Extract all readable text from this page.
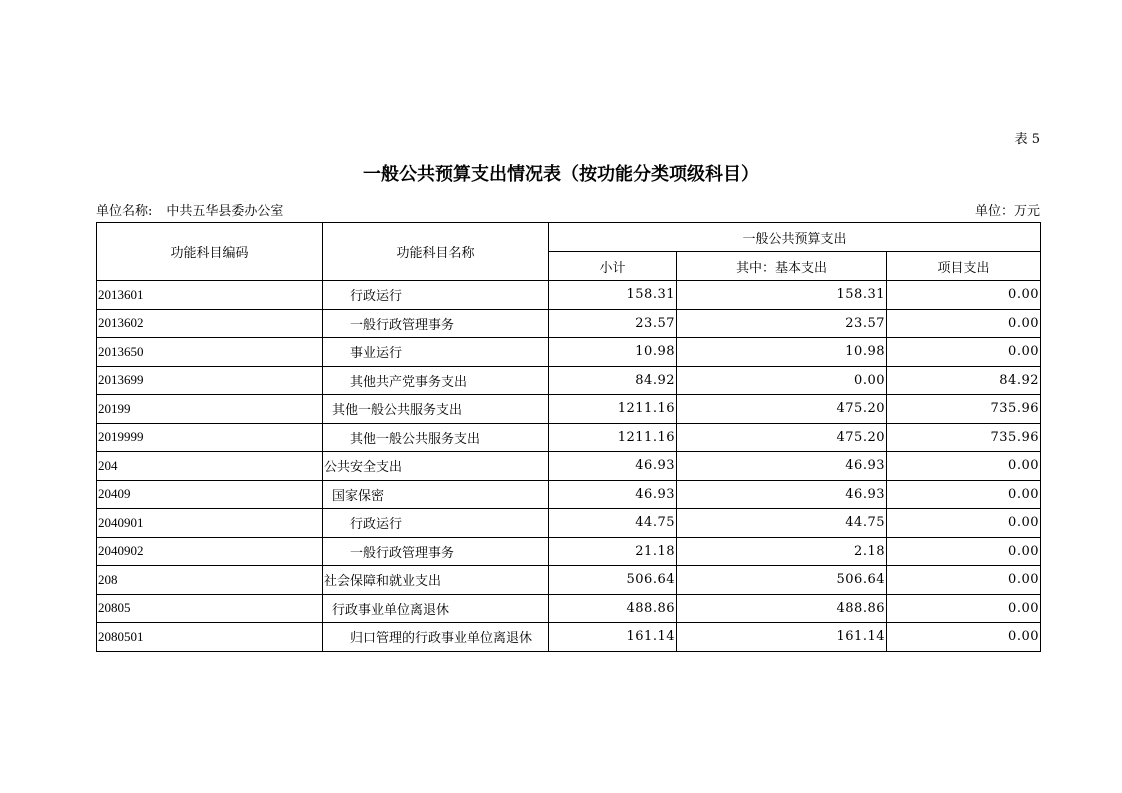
表 5
一般公共预算支出情况表（按功能分类项级科目）
单位名称: 中共五华县委办公室	单位：万元
功能科目编码	功能科目名称	一般公共预算支出		
		小计	其中：基本支出	项目支出
2013601	行政运行	158.31	158.31	0.00
2013602	一般行政管理事务	23.57	23.57	0.00
2013650	事业运行	10.98	10.98	0.00
2013699	其他共产党事务支出	84.92	0.00	84.92
20199	其他一般公共服务支出	1211.16	475.20	735.96
2019999	其他一般公共服务支出	1211.16	475.20	735.96
204	公共安全支出	46.93	46.93	0.00
20409	国家保密	46.93	46.93	0.00
2040901	行政运行	44.75	44.75	0.00
2040902	一般行政管理事务	21.18	2.18	0.00
208	社会保障和就业支出	506.64	506.64	0.00
20805	行政事业单位离退休	488.86	488.86	0.00
2080501	归口管理的行政事业单位离退休	161.14	161.14	0.00
